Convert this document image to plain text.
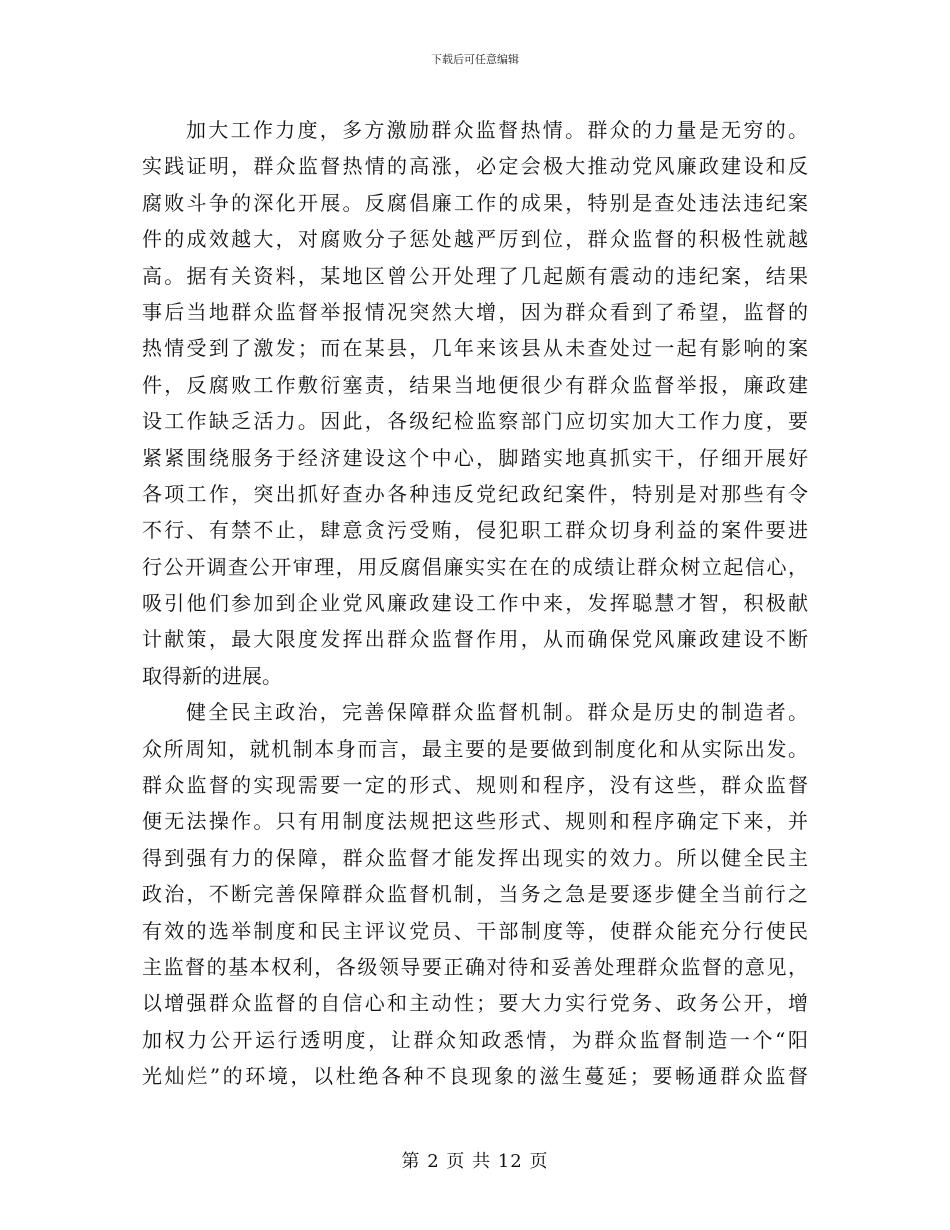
下载后可任意编辑
加大工作力度，多方激励群众监督热情。群众的力量是无穷的。
实践证明，群众监督热情的高涨，必定会极大推动党风廉政建设和反
腐败斗争的深化开展。反腐倡廉工作的成果，特别是查处违法违纪案
件的成效越大，对腐败分子惩处越严厉到位，群众监督的积极性就越
高。据有关资料，某地区曾公开处理了几起颇有震动的违纪案，结果
事后当地群众监督举报情况突然大增，因为群众看到了希望，监督的
热情受到了激发；而在某县，几年来该县从未查处过一起有影响的案
件，反腐败工作敷衍塞责，结果当地便很少有群众监督举报，廉政建
设工作缺乏活力。因此，各级纪检监察部门应切实加大工作力度，要
紧紧围绕服务于经济建设这个中心，脚踏实地真抓实干，仔细开展好
各项工作，突出抓好查办各种违反党纪政纪案件，特别是对那些有令
不行、有禁不止，肆意贪污受贿，侵犯职工群众切身利益的案件要进
行公开调查公开审理，用反腐倡廉实实在在的成绩让群众树立起信心，
吸引他们参加到企业党风廉政建设工作中来，发挥聪慧才智，积极献
计献策，最大限度发挥出群众监督作用，从而确保党风廉政建设不断
取得新的进展。
健全民主政治，完善保障群众监督机制。群众是历史的制造者。
众所周知，就机制本身而言，最主要的是要做到制度化和从实际出发。
群众监督的实现需要一定的形式、规则和程序，没有这些，群众监督
便无法操作。只有用制度法规把这些形式、规则和程序确定下来，并
得到强有力的保障，群众监督才能发挥出现实的效力。所以健全民主
政治，不断完善保障群众监督机制，当务之急是要逐步健全当前行之
有效的选举制度和民主评议党员、干部制度等，使群众能充分行使民
主监督的基本权利，各级领导要正确对待和妥善处理群众监督的意见，
以增强群众监督的自信心和主动性；要大力实行党务、政务公开，增
加权力公开运行透明度，让群众知政悉情，为群众监督制造一个“阳
光灿烂”的环境，以杜绝各种不良现象的滋生蔓延；要畅通群众监督
第 2 页 共 12 页
